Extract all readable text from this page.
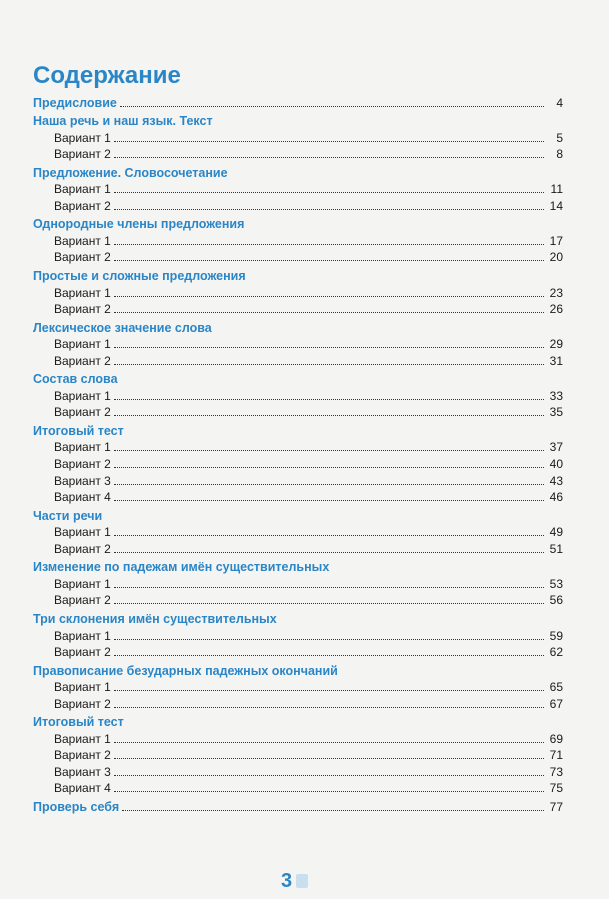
Содержание
Предисловие	4
Наша речь и наш язык. Текст
Вариант 1	5
Вариант 2	8
Предложение. Словосочетание
Вариант 1	11
Вариант 2	14
Однородные члены предложения
Вариант 1	17
Вариант 2	20
Простые и сложные предложения
Вариант 1	23
Вариант 2	26
Лексическое значение слова
Вариант 1	29
Вариант 2	31
Состав слова
Вариант 1	33
Вариант 2	35
Итоговый тест
Вариант 1	37
Вариант 2	40
Вариант 3	43
Вариант 4	46
Части речи
Вариант 1	49
Вариант 2	51
Изменение по падежам имён существительных
Вариант 1	53
Вариант 2	56
Три склонения имён существительных
Вариант 1	59
Вариант 2	62
Правописание безударных падежных окончаний
Вариант 1	65
Вариант 2	67
Итоговый тест
Вариант 1	69
Вариант 2	71
Вариант 3	73
Вариант 4	75
Проверь себя	77
3
